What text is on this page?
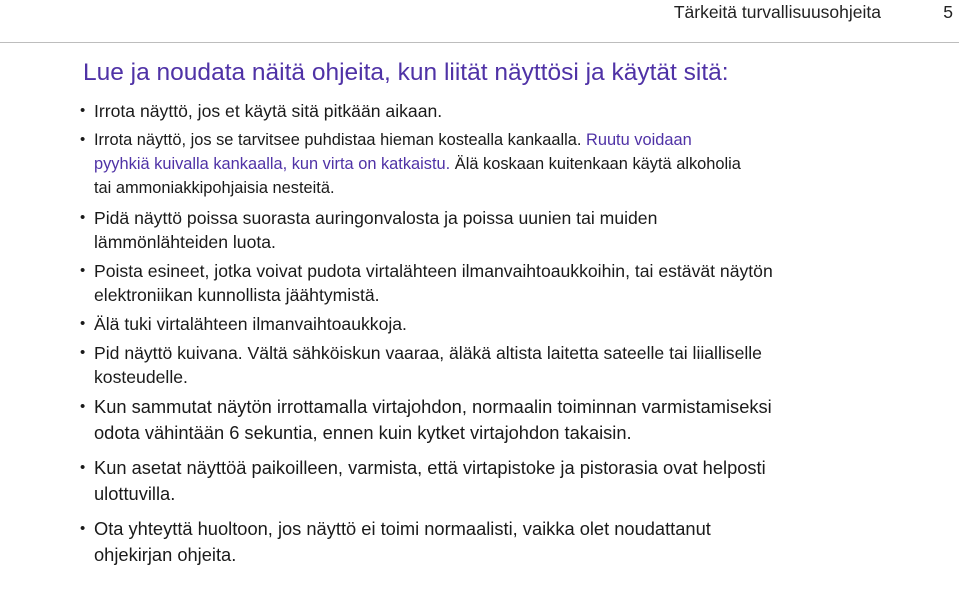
Tärkeitä turvallisuusohjeita	5
Lue ja noudata näitä ohjeita, kun liität näyttösi ja käytät sitä:
• Irrota näyttö, jos et käytä sitä pitkään aikaan.
• Irrota näyttö, jos se tarvitsee puhdistaa hieman kostealla kankaalla. Ruutu voidaan
pyyhkiä kuivalla kankaalla, kun virta on katkaistu. Älä koskaan kuitenkaan käytä alkoholia
tai ammoniakkipohjaisia nesteitä.
• Pidä näyttö poissa suorasta auringonvalosta ja poissa uunien tai muiden
lämmönlähteiden luota.
• Poista esineet, jotka voivat pudota virtalähteen ilmanvaihtoaukkoihin, tai estävät näytön
elektroniikan kunnollista jäähtymistä.
• Älä tuki virtalähteen ilmanvaihtoaukkoja.
• Pid näyttö kuivana. Vältä sähköiskun vaaraa, äläkä altista laitetta sateelle tai liialliselle
kosteudelle.
• Kun sammutat näytön irrottamalla virtajohdon, normaalin toiminnan varmistamiseksi
odota vähintään 6 sekuntia, ennen kuin kytket virtajohdon takaisin.
• Kun asetat näyttöä paikoilleen, varmista, että virtapistoke ja pistorasia ovat helposti
ulottuvilla.
• Ota yhteyttä huoltoon, jos näyttö ei toimi normaalisti, vaikka olet noudattanut
ohjekirjan ohjeita.
